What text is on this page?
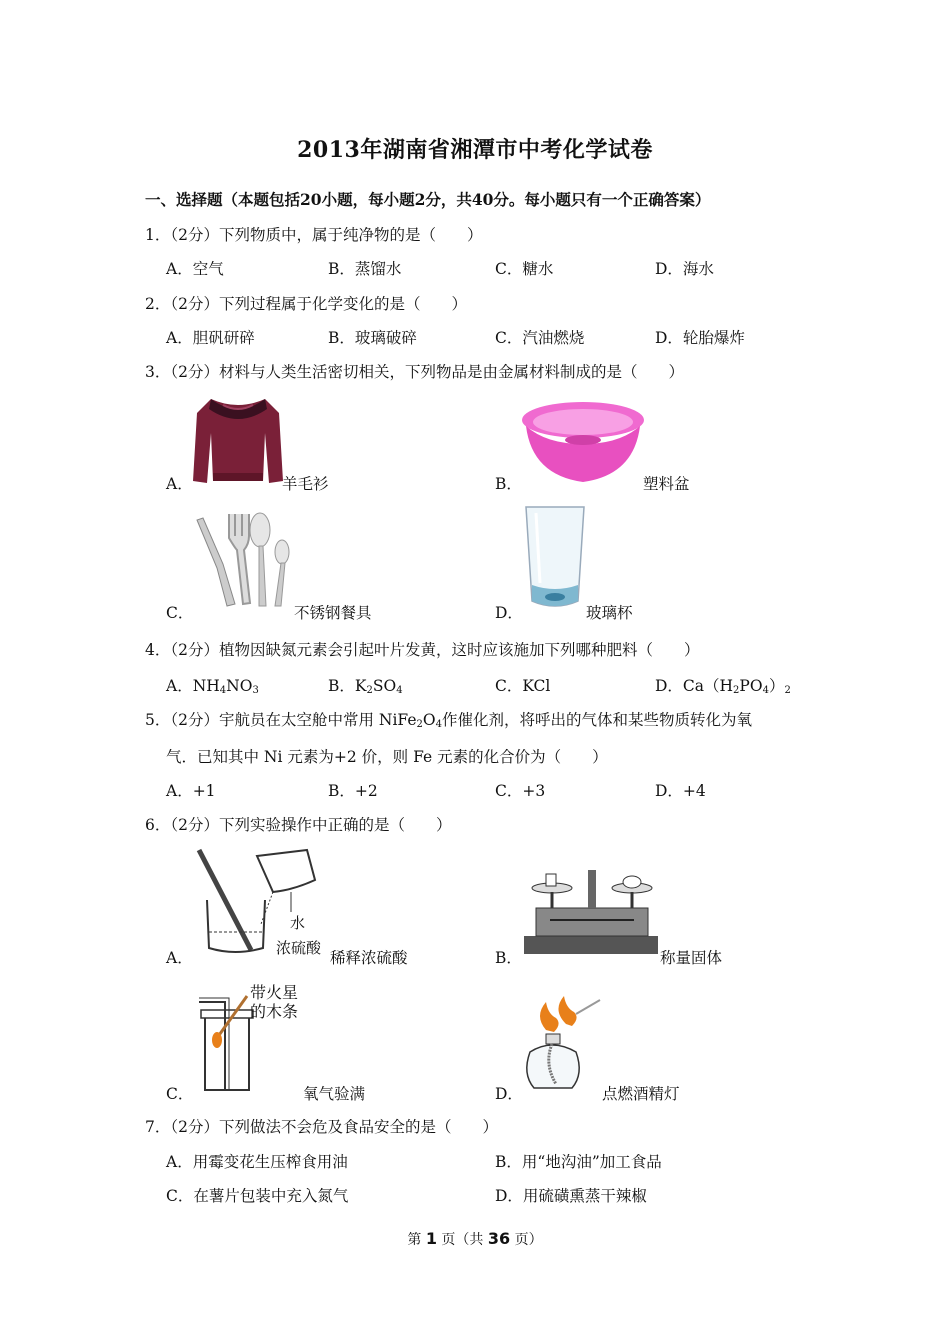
2013年湖南省湘潭市中考化学试卷
一、选择题（本题包括20小题，每小题2分，共40分。每小题只有一个正确答案）
1．（2分）下列物质中，属于纯净物的是（　　）
A．空气	B．蒸馏水	C．糖水	D．海水
2．（2分）下列过程属于化学变化的是（　　）
A．胆矾研碎	B．玻璃破碎	C．汽油燃烧	D．轮胎爆炸
3．（2分）材料与人类生活密切相关，下列物品是由金属材料制成的是（　　）
A．	羊毛衫	B．	塑料盆
C．	不锈钢餐具	D．	玻璃杯
4．（2分）植物因缺氮元素会引起叶片发黄，这时应该施加下列哪种肥料（　　）
A．$NH_4NO_3$	B．$K_2SO_4$	C．KCl	D．$Ca(H_2PO_4)_2$
5．（2分）宇航员在太空舱中常用 $NiFe_2O_4$作催化剂，将呼出的气体和某些物质转化为氧
气．已知其中 Ni 元素为+2 价，则 Fe 元素的化合价为（　　）
A．+1	B．+2	C．+3	D．+4
6．（2分）下列实验操作中正确的是（　　）
水
浓硫酸
A．	稀释浓硫酸	B．	称量固体
带火星
的木条
C．	氧气验满	D．	点燃酒精灯
7．（2分）下列做法不会危及食品安全的是（　　）
A．用霉变花生压榨食用油	B．用“地沟油”加工食品
C．在薯片包装中充入氮气	D．用硫磺熏蒸干辣椒
第 1 页（共 36 页）
